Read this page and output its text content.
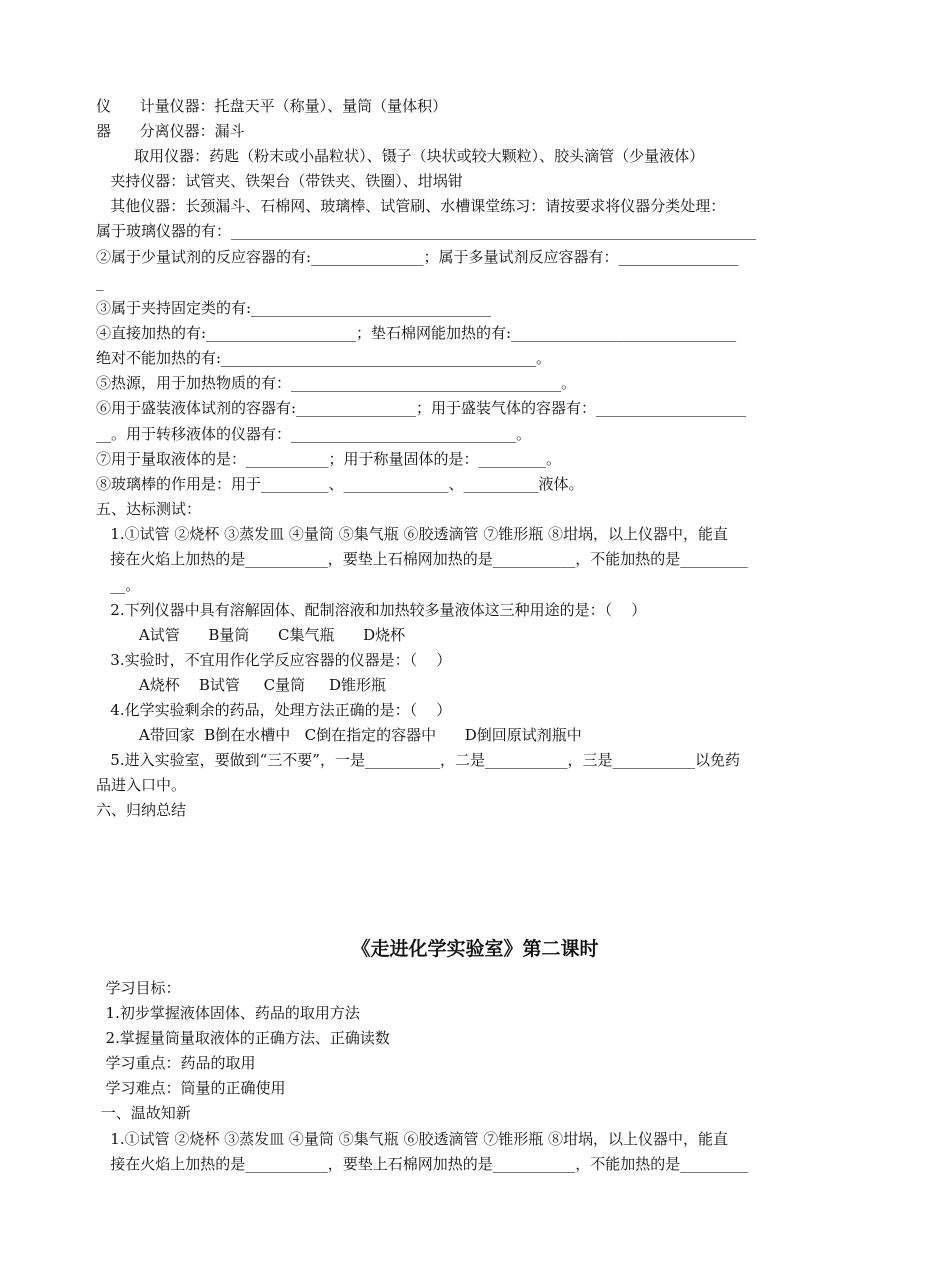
仪      计量仪器：托盘天平（称量）、量筒（量体积）
器      分离仪器：漏斗
取用仪器：药匙（粉末或小晶粒状）、镊子（块状或较大颗粒）、胶头滴管（少量液体）
夹持仪器：试管夹、铁架台（带铁夹、铁圈）、坩埚钳
其他仪器：长颈漏斗、石棉网、玻璃棒、试管刷、水槽课堂练习：请按要求将仪器分类处理：
属于玻璃仪器的有：______________________________________________________________________
②属于少量试剂的反应容器的有:_______________；属于多量试剂反应容器有：________________
_
③属于夹持固定类的有:________________________________
④直接加热的有:____________________；垫石棉网能加热的有:______________________________
绝对不能加热的有:__________________________________________。
⑤热源，用于加热物质的有：____________________________________。
⑥用于盛装液体试剂的容器有:________________；用于盛装气体的容器有：____________________
__。用于转移液体的仪器有：______________________________。
⑦用于量取液体的是：___________；用于称量固体的是：_________。
⑧玻璃棒的作用是：用于_________、______________、__________液体。
五、达标测试：
1.①试管 ②烧杯 ③蒸发皿 ④量筒 ⑤集气瓶 ⑥胶透滴管 ⑦锥形瓶 ⑧坩埚，以上仪器中，能直
接在火焰上加热的是___________，要垫上石棉网加热的是___________，不能加热的是_________
__。
2.下列仪器中具有溶解固体、配制溶液和加热较多量液体这三种用途的是：（    ）
A试管      B量筒      C集气瓶      D烧杯
3.实验时，不宜用作化学反应容器的仪器是：（    ）
A烧杯    B试管     C量筒     D锥形瓶
4.化学实验剩余的药品，处理方法正确的是：（    ）
A带回家  B倒在水槽中   C倒在指定的容器中      D倒回原试剂瓶中
5.进入实验室，要做到“三不要”，一是__________，二是___________，三是___________以免药
品进入口中。
六、归纳总结
《走进化学实验室》第二课时
学习目标：
1.初步掌握液体固体、药品的取用方法
2.掌握量筒量取液体的正确方法、正确读数
学习重点：药品的取用
学习难点：筒量的正确使用
一、温故知新
1.①试管 ②烧杯 ③蒸发皿 ④量筒 ⑤集气瓶 ⑥胶透滴管 ⑦锥形瓶 ⑧坩埚，以上仪器中，能直
接在火焰上加热的是___________，要垫上石棉网加热的是___________，不能加热的是_________
